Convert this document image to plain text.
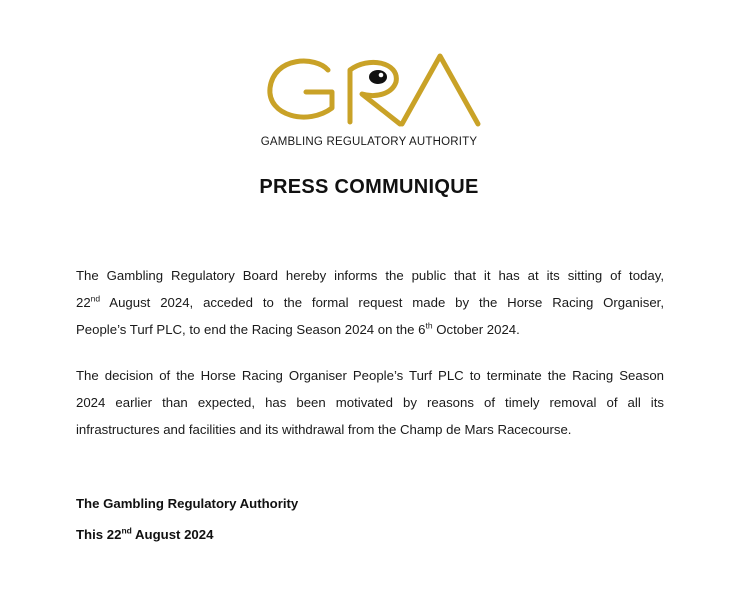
GAMBLING REGULATORY AUTHORITY
PRESS COMMUNIQUE
The Gambling Regulatory Board hereby informs the public that it has at its sitting of today,
22nd August 2024, acceded to the formal request made by the Horse Racing Organiser,
People’s Turf PLC, to end the Racing Season 2024 on the 6th October 2024.
The decision of the Horse Racing Organiser People’s Turf PLC to terminate the Racing Season
2024 earlier than expected, has been motivated by reasons of timely removal of all its
infrastructures and facilities and its withdrawal from the Champ de Mars Racecourse.
The Gambling Regulatory Authority
This 22nd August 2024
